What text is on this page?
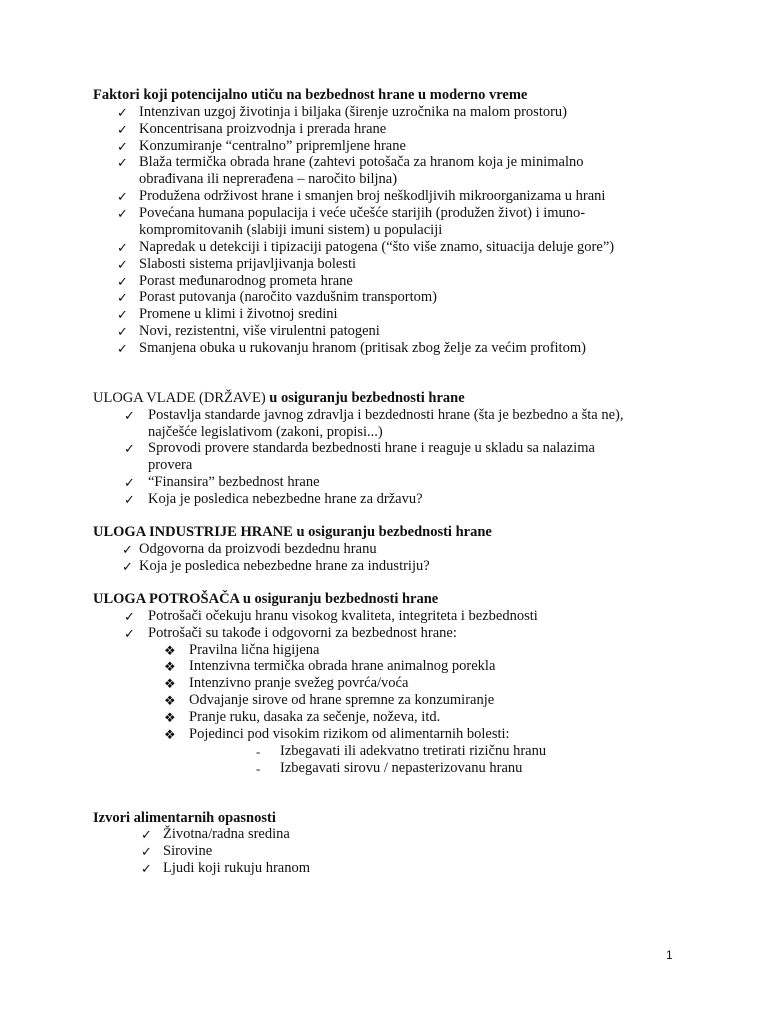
Faktori koji potencijalno utiču na bezbednost hrane u moderno vreme
✓ Intenzivan uzgoj životinja i biljaka (širenje uzročnika na malom prostoru)
✓ Koncentrisana proizvodnja i prerada hrane
✓ Konzumiranje “centralno” pripremljene hrane
✓ Blaža termička obrada hrane (zahtevi potošača za hranom koja je minimalno
obrađivana ili neprerađena – naročito biljna)
✓ Produžena održivost hrane i smanjen broj neškodljivih mikroorganizama u hrani
✓ Povećana humana populacija i veće učešće starijih (produžen život) i imuno-
kompromitovanih (slabiji imuni sistem) u populaciji
✓ Napredak u detekciji i tipizaciji patogena (“što više znamo, situacija deluje gore”)
✓ Slabosti sistema prijavljivanja bolesti
✓ Porast međunarodnog prometa hrane
✓ Porast putovanja (naročito vazdušnim transportom)
✓ Promene u klimi i životnoj sredini
✓ Novi, rezistentni, više virulentni patogeni
✓ Smanjena obuka u rukovanju hranom (pritisak zbog želje za većim profitom)
ULOGA VLADE (DRŽAVE) u osiguranju bezbednosti hrane
✓ Postavlja standarde javnog zdravlja i bezdednosti hrane (šta je bezbedno a šta ne),
najčešće legislativom (zakoni, propisi...)
✓ Sprovodi provere standarda bezbednosti hrane i reaguje u skladu sa nalazima
provera
✓ “Finansira” bezbednost hrane
✓ Koja je posledica nebezbedne hrane za državu?
ULOGA INDUSTRIJE HRANE u osiguranju bezbednosti hrane
✓ Odgovorna da proizvodi bezdednu hranu
✓ Koja je posledica nebezbedne hrane za industriju?
ULOGA POTROŠAČA u osiguranju bezbednosti hrane
✓ Potrošači očekuju hranu visokog kvaliteta, integriteta i bezbednosti
✓ Potrošači su takođe i odgovorni za bezbednost hrane:
❖ Pravilna lična higijena
❖ Intenzivna termička obrada hrane animalnog porekla
❖ Intenzivno pranje svežeg povrća/voća
❖ Odvajanje sirove od hrane spremne za konzumiranje
❖ Pranje ruku, dasaka za sečenje, noževa, itd.
❖ Pojedinci pod visokim rizikom od alimentarnih bolesti:
- Izbegavati ili adekvatno tretirati rizičnu hranu
- Izbegavati sirovu / nepasterizovanu hranu
Izvori alimentarnih opasnosti
✓ Životna/radna sredina
✓ Sirovine
✓ Ljudi koji rukuju hranom
1
